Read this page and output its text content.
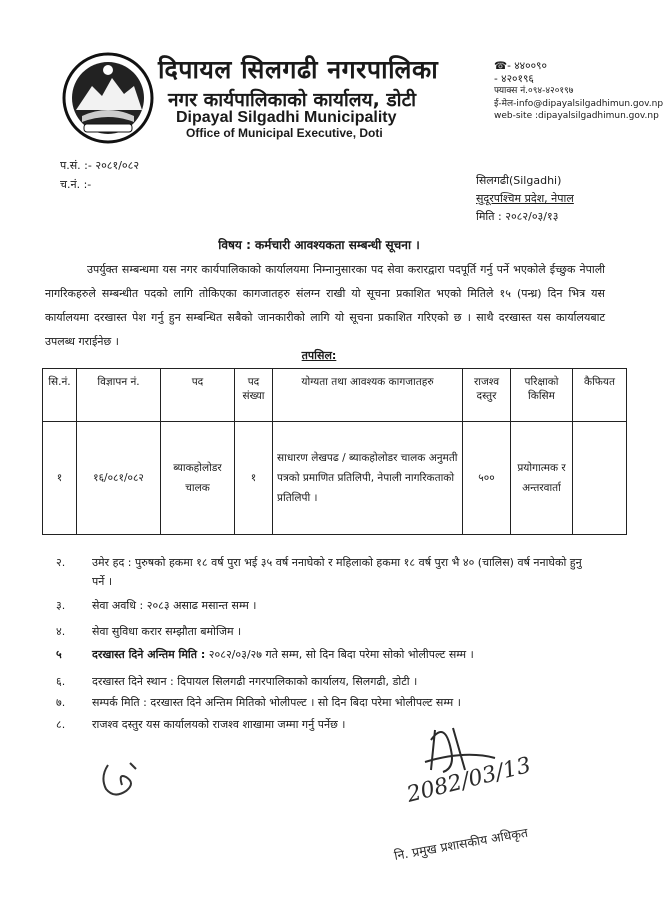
दिपायल सिलगढी नगरपालिका
नगर कार्यपालिकाको कार्यालय, डोटी
Dipayal Silgadhi Municipality
Office of Municipal Executive, Doti
☎- ४४००९०
- ४२०१९६
फ्याक्स नं.०९४-४२०१९७
ई-मेल-info@dipayalsilgadhimun.gov.np
web-site :dipayalsilgadhimun.gov.np
प.सं. :- २०८१/०८२
च.नं. :-	सिलगढी(Silgadhi)
सुदूरपश्चिम प्रदेश, नेपाल
मिति : २०८२/०३/१३
विषय : कर्मचारी आवश्यकता सम्बन्धी सूचना ।
उपर्युक्त सम्बन्धमा यस नगर कार्यपालिकाको कार्यालयमा निम्नानुसारका पद सेवा करारद्वारा पदपूर्ति गर्नु पर्ने भएकोले ईच्छुक नेपाली नागरिकहरुले सम्बन्धीत पदको लागि तोकिएका कागजातहरु संलग्न राखी यो सूचना प्रकाशित भएको मितिले १५ (पन्ध्र) दिन भित्र यस कार्यालयमा दरखास्त पेश गर्नु हुन सम्बन्धित सबैको जानकारीको लागि यो सूचना प्रकाशित गरिएको छ । साथै दरखास्त यस कार्यालयबाट उपलब्ध गराईनेछ ।
तपसिल:
सि.नं.	विज्ञापन नं.	पद	पद संख्या	योग्यता तथा आवश्यक कागजातहरु	राजश्व दस्तुर	परिक्षाको किसिम	कैफियत
१	१६/०८१/०८२	ब्याकहोलोडर चालक	१	साधारण लेखपढ / ब्याकहोलोडर चालक अनुमती पत्रको प्रमाणित प्रतिलिपी, नेपाली नागरिकताको प्रतिलिपी ।	५००	प्रयोगात्मक र अन्तरवार्ता	
२.	उमेर हद : पुरुषको हकमा १८ वर्ष पुरा भई ३५ वर्ष ननाघेको र महिलाको हकमा १८ वर्ष पुरा भै ४० (चालिस) वर्ष ननाघेको हुनु पर्ने ।
३.	सेवा अवधि : २०८३ असाढ मसान्त सम्म ।
४.	सेवा सुविधा करार सम्झौता बमोजिम ।
५	दरखास्त दिने अन्तिम मिति : २०८२/०३/२७ गते सम्म, सो दिन बिदा परेमा सोको भोलीपल्ट सम्म ।
६.	दरखास्त दिने स्थान : दिपायल सिलगढी नगरपालिकाको कार्यालय, सिलगढी, डोटी ।
७.	सम्पर्क मिति : दरखास्त दिने अन्तिम मितिको भोलीपल्ट । सो दिन बिदा परेमा भोलीपल्ट सम्म ।
८.	राजश्व दस्तुर यस कार्यालयको राजश्व शाखामा जम्मा गर्नु पर्नेछ ।
2082/03/13
नि. प्रमुख प्रशासकीय अधिकृत
